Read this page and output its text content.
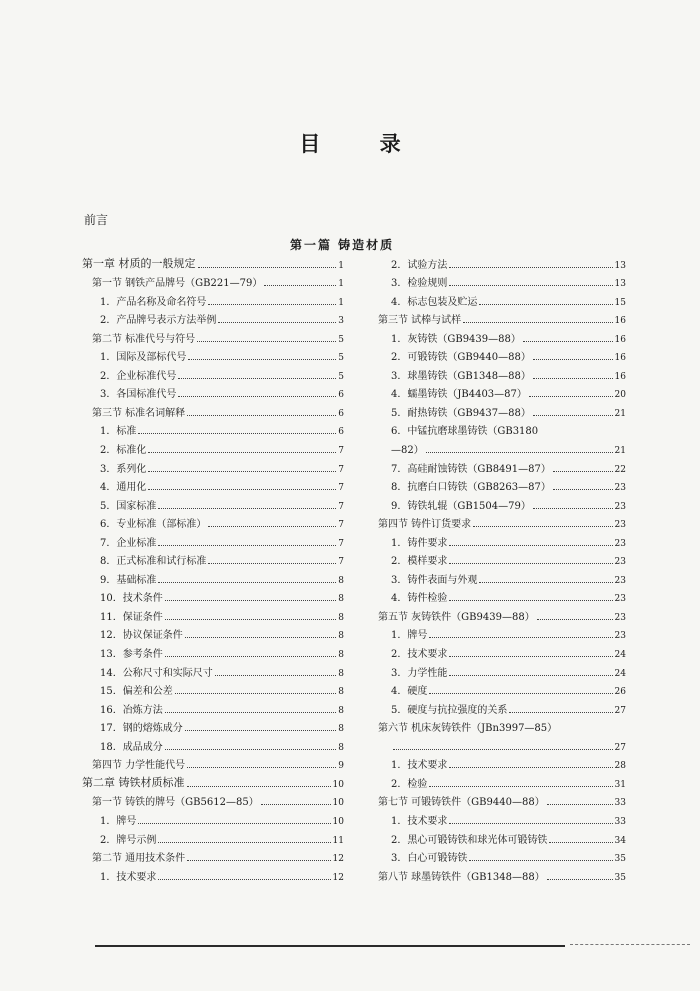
目 录
前言
第一篇 铸造材质
第一章 材质的一般规定	1
第一节 钢铁产品牌号（GB221—79）	1
1．产品名称及命名符号	1
2．产品牌号表示方法举例	3
第二节 标准代号与符号	5
1．国际及部标代号	5
2．企业标准代号	5
3．各国标准代号	6
第三节 标准名词解释	6
1．标准	6
2．标准化	7
3．系列化	7
4．通用化	7
5．国家标准	7
6．专业标准（部标准）	7
7．企业标准	7
8．正式标准和试行标准	7
9．基础标准	8
10．技术条件	8
11．保证条件	8
12．协议保证条件	8
13．参考条件	8
14．公称尺寸和实际尺寸	8
15．偏差和公差	8
16．冶炼方法	8
17．钢的熔炼成分	8
18．成品成分	8
第四节 力学性能代号	9
第二章 铸铁材质标准	10
第一节 铸铁的牌号（GB5612—85）	10
1．牌号	10
2．牌号示例	11
第二节 通用技术条件	12
1．技术要求	12
2．试验方法	13
3．检验规则	13
4．标志包装及贮运	15
第三节 试棒与试样	16
1．灰铸铁（GB9439—88）	16
2．可锻铸铁（GB9440—88）	16
3．球墨铸铁（GB1348—88）	16
4．蠕墨铸铁（JB4403—87）	20
5．耐热铸铁（GB9437—88）	21
6．中锰抗磨球墨铸铁（GB3180
—82）	21
7．高硅耐蚀铸铁（GB8491—87）	22
8．抗磨白口铸铁（GB8263—87）	23
9．铸铁轧辊（GB1504—79）	23
第四节 铸件订货要求	23
1．铸件要求	23
2．模样要求	23
3．铸件表面与外观	23
4．铸件检验	23
第五节 灰铸铁件（GB9439—88）	23
1．牌号	23
2．技术要求	24
3．力学性能	24
4．硬度	26
5．硬度与抗拉强度的关系	27
第六节 机床灰铸铁件（JBn3997—85）
27
1．技术要求	28
2．检验	31
第七节 可锻铸铁件（GB9440—88）	33
1．技术要求	33
2．黑心可锻铸铁和球光体可锻铸铁	34
3．白心可锻铸铁	35
第八节 球墨铸铁件（GB1348—88）	35
